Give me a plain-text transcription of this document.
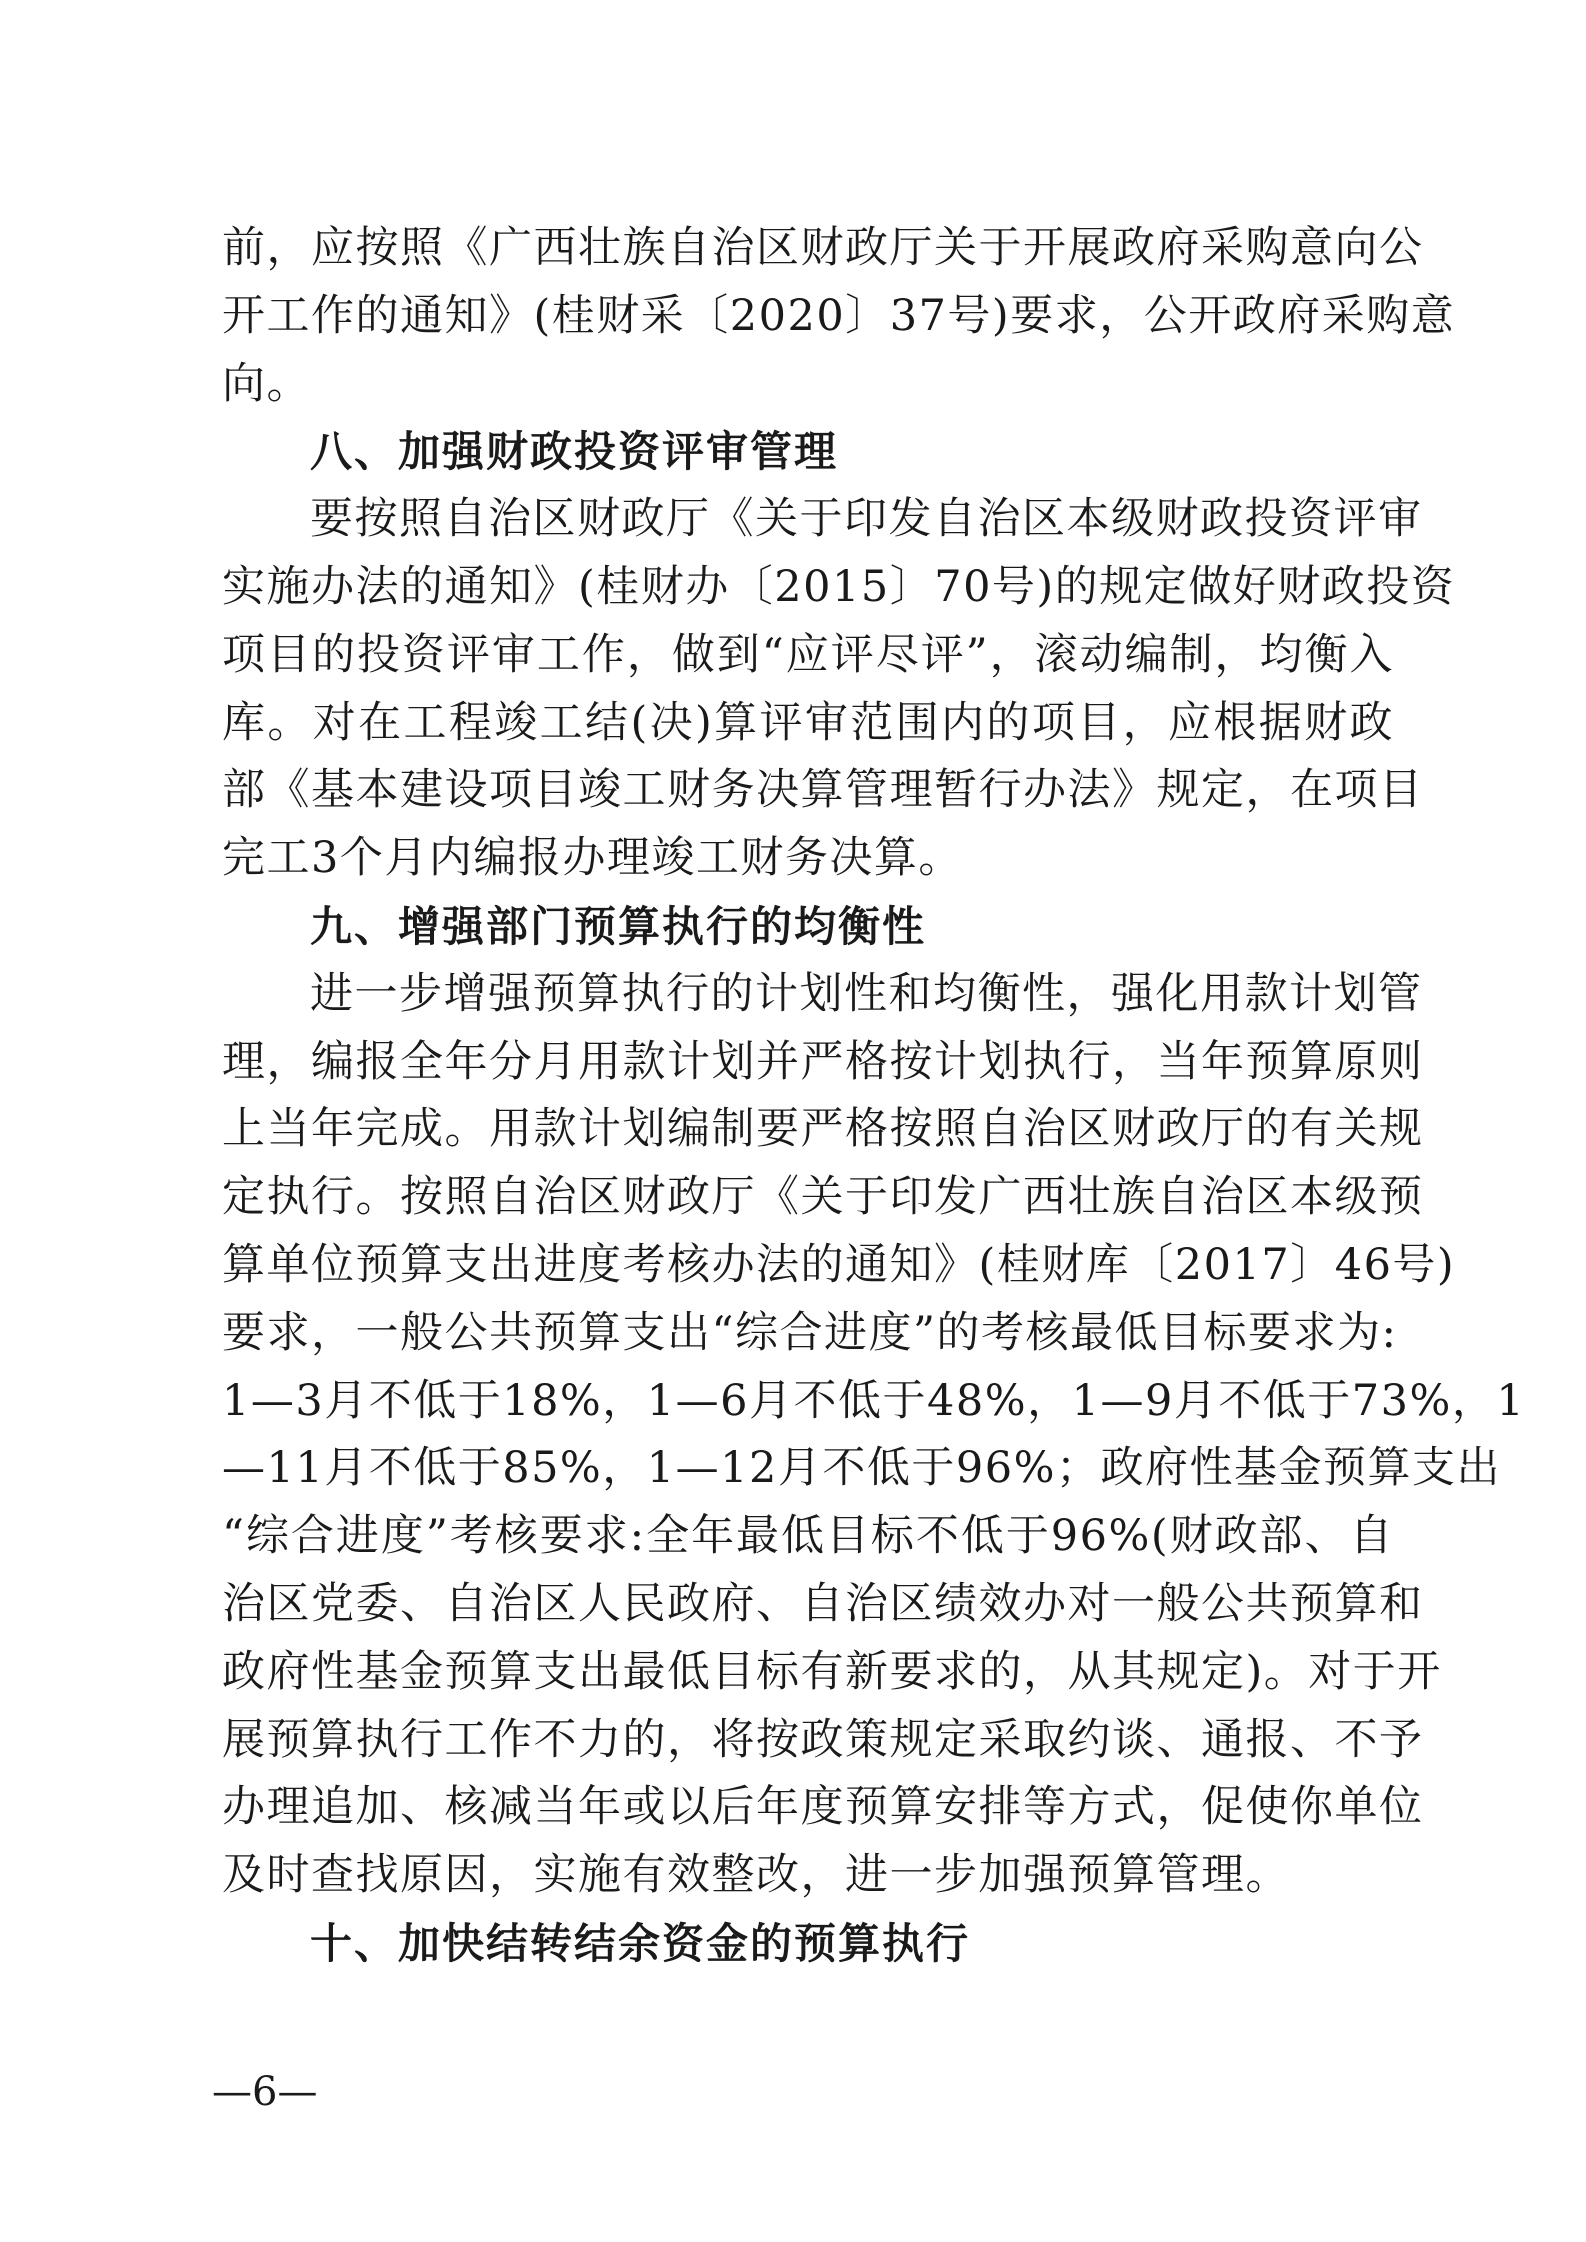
前，应按照《广西壮族自治区财政厅关于开展政府采购意向公
开工作的通知》(桂财采〔2020〕37号)要求，公开政府采购意
向。
八、加强财政投资评审管理
要按照自治区财政厅《关于印发自治区本级财政投资评审
实施办法的通知》(桂财办〔2015〕70号)的规定做好财政投资
项目的投资评审工作，做到“应评尽评”，滚动编制，均衡入
库。对在工程竣工结(决)算评审范围内的项目，应根据财政
部《基本建设项目竣工财务决算管理暂行办法》规定，在项目
完工3个月内编报办理竣工财务决算。
九、增强部门预算执行的均衡性
进一步增强预算执行的计划性和均衡性，强化用款计划管
理，编报全年分月用款计划并严格按计划执行，当年预算原则
上当年完成。用款计划编制要严格按照自治区财政厅的有关规
定执行。按照自治区财政厅《关于印发广西壮族自治区本级预
算单位预算支出进度考核办法的通知》(桂财库〔2017〕46号)
要求，一般公共预算支出“综合进度”的考核最低目标要求为:
1—3月不低于18%，1—6月不低于48%，1—9月不低于73%，1
—11月不低于85%，1—12月不低于96%；政府性基金预算支出
“综合进度”考核要求:全年最低目标不低于96%(财政部、自
治区党委、自治区人民政府、自治区绩效办对一般公共预算和
政府性基金预算支出最低目标有新要求的，从其规定)。对于开
展预算执行工作不力的，将按政策规定采取约谈、通报、不予
办理追加、核减当年或以后年度预算安排等方式，促使你单位
及时查找原因，实施有效整改，进一步加强预算管理。
十、加快结转结余资金的预算执行
—6—
